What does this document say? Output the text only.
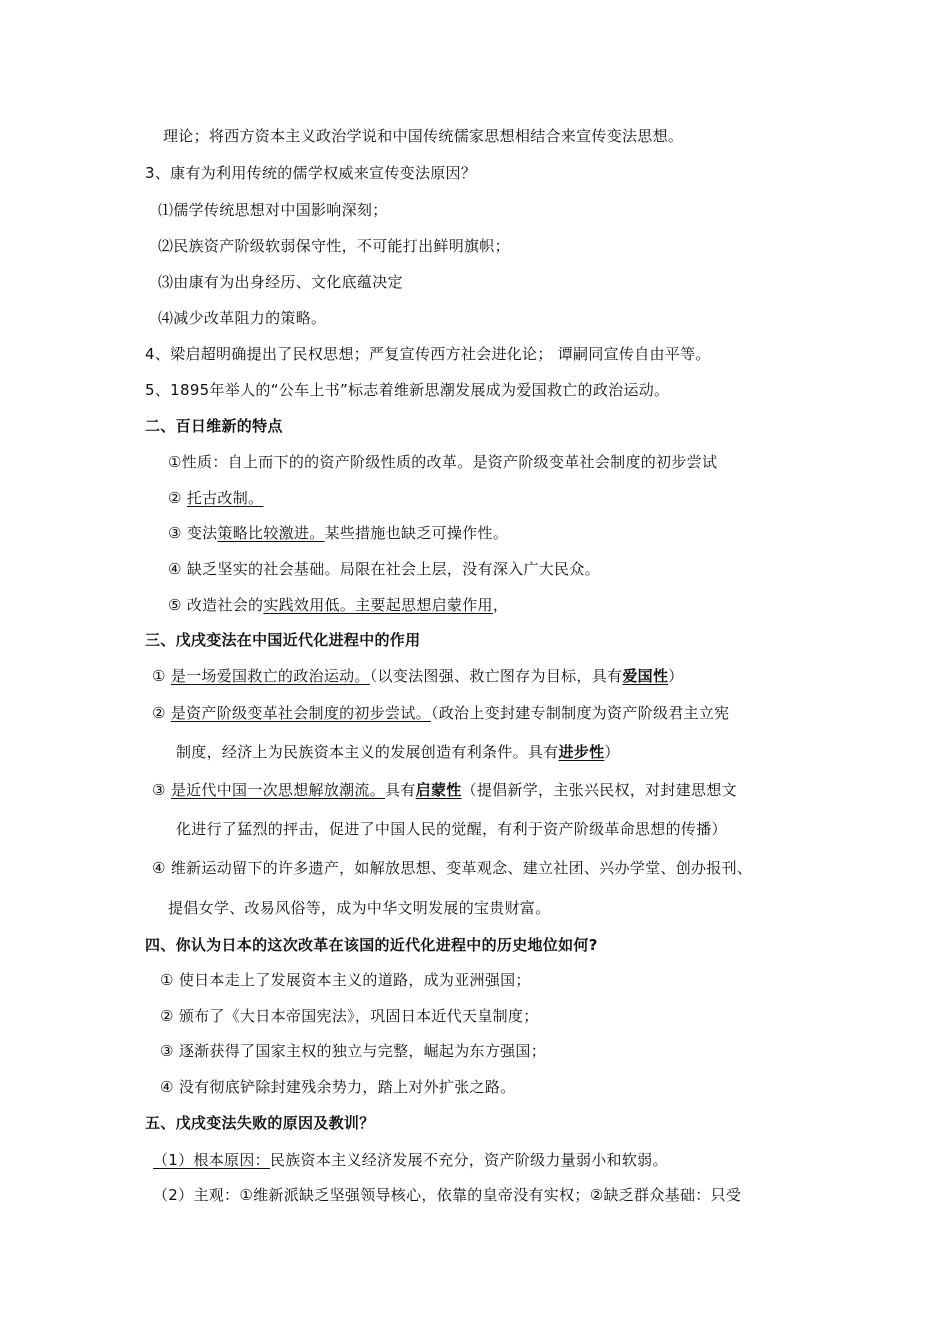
理论；将西方资本主义政治学说和中国传统儒家思想相结合来宣传变法思想。
3、康有为利用传统的儒学权威来宣传变法原因？
⑴儒学传统思想对中国影响深刻；
⑵民族资产阶级软弱保守性，不可能打出鲜明旗帜；
⑶由康有为出身经历、文化底蕴决定
⑷减少改革阻力的策略。
4、梁启超明确提出了民权思想；严复宣传西方社会进化论； 谭嗣同宣传自由平等。
5、1895年举人的“公车上书”标志着维新思潮发展成为爱国救亡的政治运动。
二、百日维新的特点
①性质：自上而下的的资产阶级性质的改革。是资产阶级变革社会制度的初步尝试
② 托古改制。
③ 变法策略比较激进。某些措施也缺乏可操作性。
④ 缺乏坚实的社会基础。局限在社会上层，没有深入广大民众。
⑤ 改造社会的实践效用低。主要起思想启蒙作用，
三、戊戌变法在中国近代化进程中的作用
① 是一场爱国救亡的政治运动。（以变法图强、救亡图存为目标，具有爱国性）
② 是资产阶级变革社会制度的初步尝试。（政治上变封建专制制度为资产阶级君主立宪
制度，经济上为民族资本主义的发展创造有利条件。具有进步性）
③ 是近代中国一次思想解放潮流。具有启蒙性（提倡新学，主张兴民权，对封建思想文
化进行了猛烈的抨击，促进了中国人民的觉醒，有利于资产阶级革命思想的传播）
④ 维新运动留下的许多遗产，如解放思想、变革观念、建立社团、兴办学堂、创办报刊、
提倡女学、改易风俗等，成为中华文明发展的宝贵财富。
四、你认为日本的这次改革在该国的近代化进程中的历史地位如何?
① 使日本走上了发展资本主义的道路，成为亚洲强国；
② 颁布了《大日本帝国宪法》，巩固日本近代天皇制度；
③ 逐渐获得了国家主权的独立与完整，崛起为东方强国；
④ 没有彻底铲除封建残余势力，踏上对外扩张之路。
五、戊戌变法失败的原因及教训？
（1）根本原因：民族资本主义经济发展不充分，资产阶级力量弱小和软弱。
（2）主观：①维新派缺乏坚强领导核心，依靠的皇帝没有实权；②缺乏群众基础：只受
